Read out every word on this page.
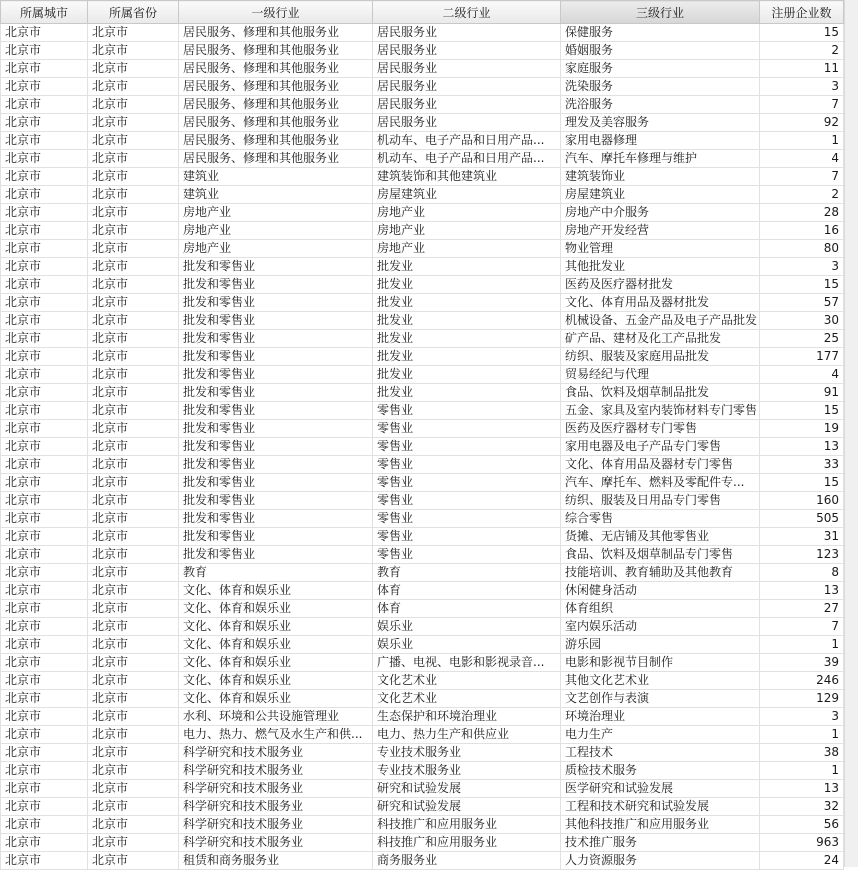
所属城市	所属省份	一级行业	二级行业	三级行业	注册企业数
北京市	北京市	居民服务、修理和其他服务业	居民服务业	保健服务	15
北京市	北京市	居民服务、修理和其他服务业	居民服务业	婚姻服务	2
北京市	北京市	居民服务、修理和其他服务业	居民服务业	家庭服务	11
北京市	北京市	居民服务、修理和其他服务业	居民服务业	洗染服务	3
北京市	北京市	居民服务、修理和其他服务业	居民服务业	洗浴服务	7
北京市	北京市	居民服务、修理和其他服务业	居民服务业	理发及美容服务	92
北京市	北京市	居民服务、修理和其他服务业	机动车、电子产品和日用产品...	家用电器修理	1
北京市	北京市	居民服务、修理和其他服务业	机动车、电子产品和日用产品...	汽车、摩托车修理与维护	4
北京市	北京市	建筑业	建筑装饰和其他建筑业	建筑装饰业	7
北京市	北京市	建筑业	房屋建筑业	房屋建筑业	2
北京市	北京市	房地产业	房地产业	房地产中介服务	28
北京市	北京市	房地产业	房地产业	房地产开发经营	16
北京市	北京市	房地产业	房地产业	物业管理	80
北京市	北京市	批发和零售业	批发业	其他批发业	3
北京市	北京市	批发和零售业	批发业	医药及医疗器材批发	15
北京市	北京市	批发和零售业	批发业	文化、体育用品及器材批发	57
北京市	北京市	批发和零售业	批发业	机械设备、五金产品及电子产品批发	30
北京市	北京市	批发和零售业	批发业	矿产品、建材及化工产品批发	25
北京市	北京市	批发和零售业	批发业	纺织、服装及家庭用品批发	177
北京市	北京市	批发和零售业	批发业	贸易经纪与代理	4
北京市	北京市	批发和零售业	批发业	食品、饮料及烟草制品批发	91
北京市	北京市	批发和零售业	零售业	五金、家具及室内装饰材料专门零售	15
北京市	北京市	批发和零售业	零售业	医药及医疗器材专门零售	19
北京市	北京市	批发和零售业	零售业	家用电器及电子产品专门零售	13
北京市	北京市	批发和零售业	零售业	文化、体育用品及器材专门零售	33
北京市	北京市	批发和零售业	零售业	汽车、摩托车、燃料及零配件专...	15
北京市	北京市	批发和零售业	零售业	纺织、服装及日用品专门零售	160
北京市	北京市	批发和零售业	零售业	综合零售	505
北京市	北京市	批发和零售业	零售业	货摊、无店铺及其他零售业	31
北京市	北京市	批发和零售业	零售业	食品、饮料及烟草制品专门零售	123
北京市	北京市	教育	教育	技能培训、教育辅助及其他教育	8
北京市	北京市	文化、体育和娱乐业	体育	休闲健身活动	13
北京市	北京市	文化、体育和娱乐业	体育	体育组织	27
北京市	北京市	文化、体育和娱乐业	娱乐业	室内娱乐活动	7
北京市	北京市	文化、体育和娱乐业	娱乐业	游乐园	1
北京市	北京市	文化、体育和娱乐业	广播、电视、电影和影视录音...	电影和影视节目制作	39
北京市	北京市	文化、体育和娱乐业	文化艺术业	其他文化艺术业	246
北京市	北京市	文化、体育和娱乐业	文化艺术业	文艺创作与表演	129
北京市	北京市	水利、环境和公共设施管理业	生态保护和环境治理业	环境治理业	3
北京市	北京市	电力、热力、燃气及水生产和供...	电力、热力生产和供应业	电力生产	1
北京市	北京市	科学研究和技术服务业	专业技术服务业	工程技术	38
北京市	北京市	科学研究和技术服务业	专业技术服务业	质检技术服务	1
北京市	北京市	科学研究和技术服务业	研究和试验发展	医学研究和试验发展	13
北京市	北京市	科学研究和技术服务业	研究和试验发展	工程和技术研究和试验发展	32
北京市	北京市	科学研究和技术服务业	科技推广和应用服务业	其他科技推广和应用服务业	56
北京市	北京市	科学研究和技术服务业	科技推广和应用服务业	技术推广服务	963
北京市	北京市	租赁和商务服务业	商务服务业	人力资源服务	24
